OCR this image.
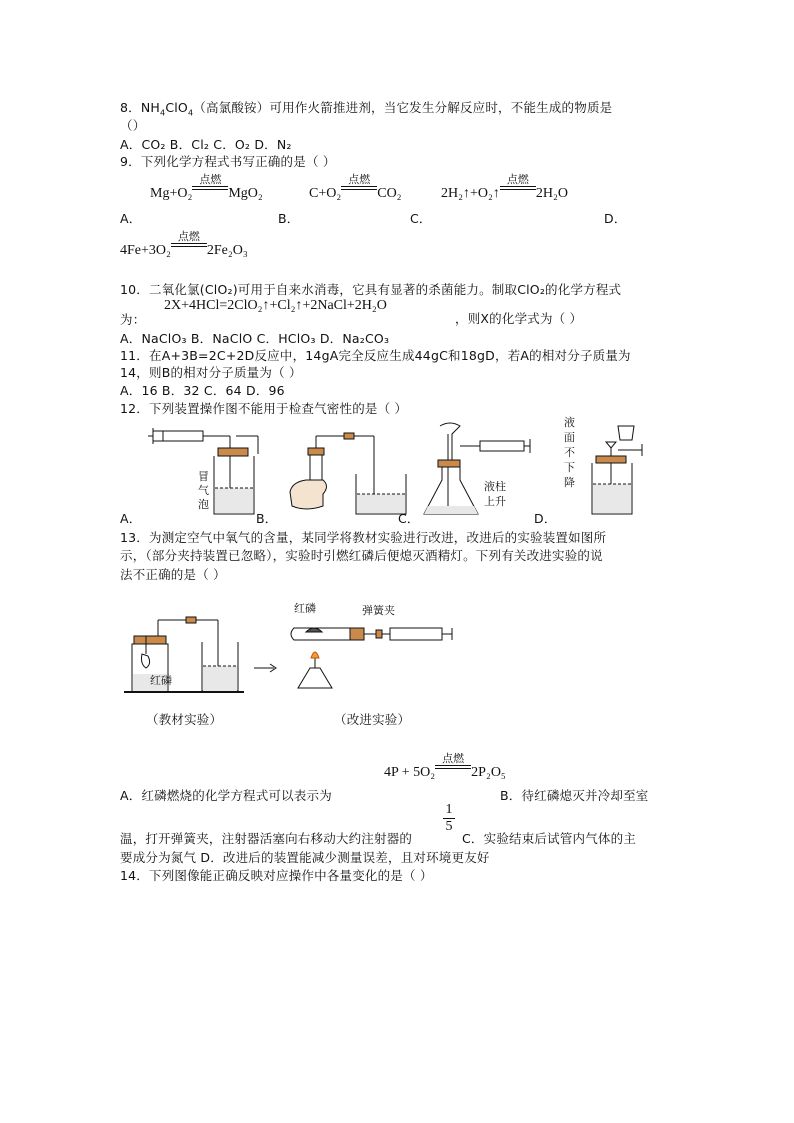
8．$NH_4ClO_4$（高氯酸铵）可用作火箭推进剂，当它发生分解反应时，不能生成的物质是
（）
A．CO₂ B．Cl₂ C．O₂ D．N₂
9．下列化学方程式书写正确的是（ ）
Mg+O₂
点燃
MgO₂	C+O₂
点燃
CO₂	2H₂↑+O₂↑
点燃
2H₂O
A．	B．	C．	D．
4Fe+3O₂
点燃
2Fe₂O₃
10．二氧化氯(ClO₂)可用于自来水消毒，它具有显著的杀菌能力。制取ClO₂的化学方程式
2X+4HCl=2ClO₂↑+Cl₂↑+2NaCl+2H₂O
为：	，则X的化学式为（ ）
A．NaClO₃ B．NaClO C．HClO₃ D．Na₂CO₃
11．在A+3B=2C+2D反应中，14gA完全反应生成44gC和18gD，若A的相对分子质量为
14，则B的相对分子质量为（ ）
A．16 B．32 C．64 D．96
12．下列装置操作图不能用于检查气密性的是（ ）
冒
气
泡
液柱
上升
液
面
不
下
降
A．	B．	C．	D．
13．为测定空气中氧气的含量，某同学将教材实验进行改进，改进后的实验装置如图所
示，（部分夹持装置已忽略），实验时引燃红磷后便熄灭酒精灯。下列有关改进实验的说
法不正确的是（ ）
红磷
红磷	弹簧夹
（教材实验）	（改进实验）
4P + 5O₂
点燃
2P₂O₅
A．红磷燃烧的化学方程式可以表示为	B．待红磷熄灭并冷却至室
1
5
温，打开弹簧夹，注射器活塞向右移动大约注射器的	C．实验结束后试管内气体的主
要成分为氮气 D．改进后的装置能减少测量误差，且对环境更友好
14．下列图像能正确反映对应操作中各量变化的是（ ）
